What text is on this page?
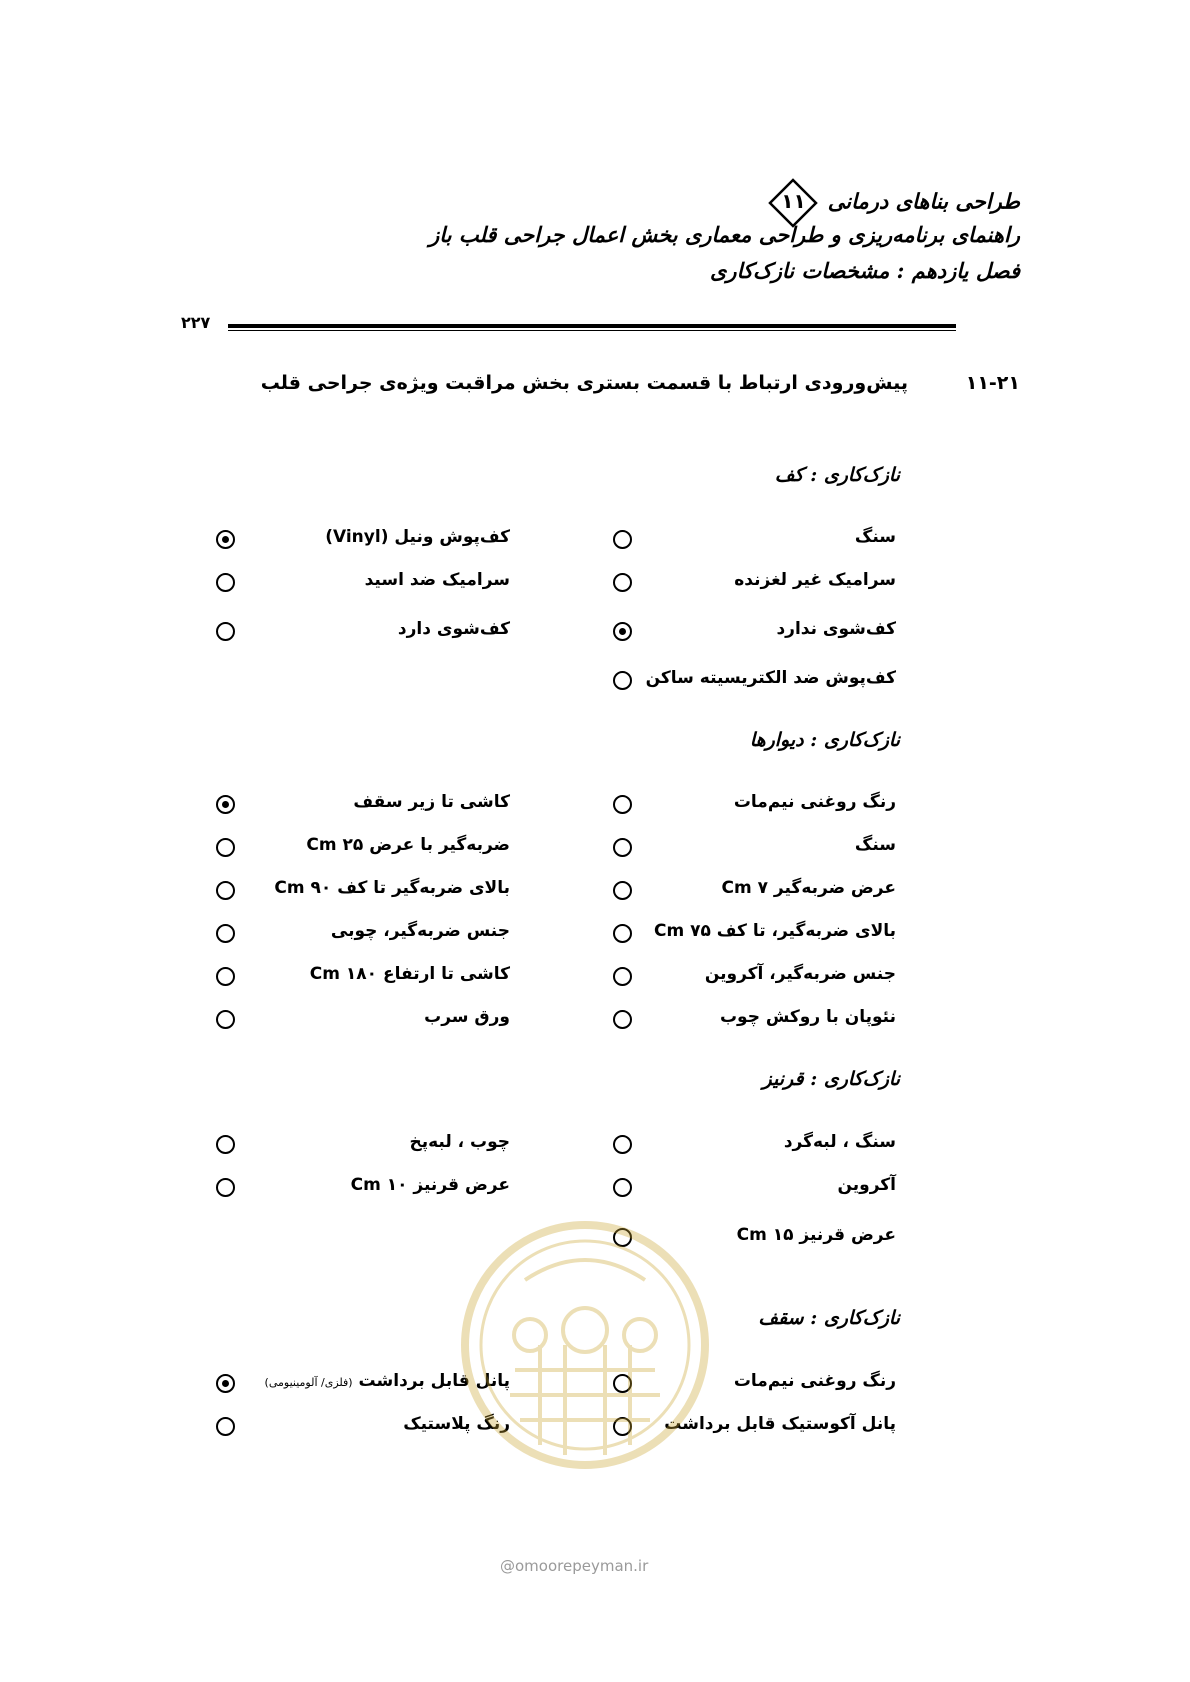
طراحی بناهای درمانی
۱۱
راهنمای برنامه‌ریزی و طراحی معماری بخش اعمال جراحی قلب باز
فصل یازدهم : مشخصات نازک‌کاری
۲۲۷
۱۱-۲۱
پیش‌ورودی ارتباط با قسمت بستری بخش مراقبت ویژه‌ی جراحی قلب
نازک‌کاری : کف
سنگ
سرامیک غیر لغزنده
کف‌شوی ندارد
کف‌پوش ضد الکتریسیته ساکن
کف‌پوش ونیل (Vinyl)
سرامیک ضد اسید
کف‌شوی دارد
نازک‌کاری : دیوارها
رنگ روغنی نیم‌مات
سنگ
عرض ضربه‌گیر ۷ Cm
بالای ضربه‌گیر، تا کف ۷۵ Cm
جنس ضربه‌گیر، آکروین
نئوپان با روکش چوب
کاشی تا زیر سقف
ضربه‌گیر با عرض ۲۵ Cm
بالای ضربه‌گیر تا کف ۹۰ Cm
جنس ضربه‌گیر، چوبی
کاشی تا ارتفاع ۱۸۰ Cm
ورق سرب
نازک‌کاری : قرنیز
سنگ ، لبه‌گرد
آکروین
عرض قرنیز ۱۵ Cm
چوب ، لبه‌پخ
عرض قرنیز ۱۰ Cm
نازک‌کاری : سقف
رنگ روغنی نیم‌مات
پانل آکوستیک قابل برداشت
پانل قابل برداشت (فلزی/ آلومینیومی)
رنگ پلاستیک
@omoorepeyman.ir
